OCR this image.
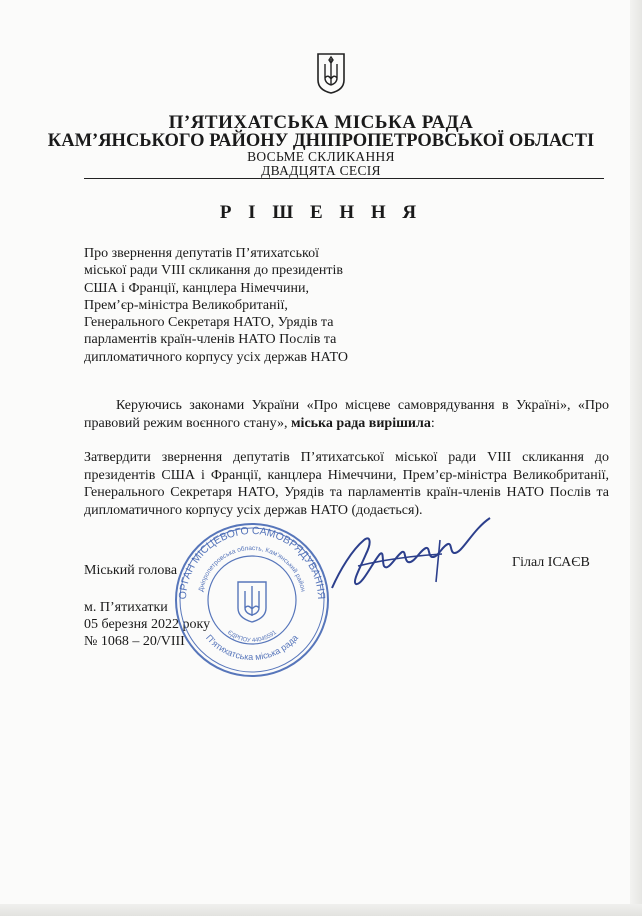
П’ЯТИХАТСЬКА МІСЬКА РАДА
КАМ’ЯНСЬКОГО РАЙОНУ ДНІПРОПЕТРОВСЬКОЇ ОБЛАСТІ
ВОСЬМЕ СКЛИКАННЯ
ДВАДЦЯТА СЕСІЯ
Р І Ш Е Н Н Я
Про звернення депутатів П’ятихатської міської ради VIII скликання до президентів США і Франції, канцлера Німеччини, Прем’єр-міністра Великобританії, Генерального Секретаря НАТО, Урядів та парламентів країн-членів НАТО Послів та дипломатичного корпусу усіх держав НАТО
Керуючись законами України «Про місцеве самоврядування в Україні», «Про правовий режим воєнного стану», міська рада вирішила:
Затвердити звернення депутатів П’ятихатської міської ради VIII скликання до президентів США і Франції, канцлера Німеччини, Прем’єр-міністра Великобританії, Генерального Секретаря НАТО, Урядів та парламентів країн-членів НАТО Послів та дипломатичного корпусу усіх держав НАТО (додається).
Міський голова
Гілал ІСАЄВ
м. П’ятихатки
05 березня 2022 року
№ 1068 – 20/VIII
ОРГАН МІСЦЕВОГО САМОВРЯДУВАННЯ
Дніпропетровська область, Кам’янський район
П’ятихатська міська рада
ЄДРПОУ 44045591
